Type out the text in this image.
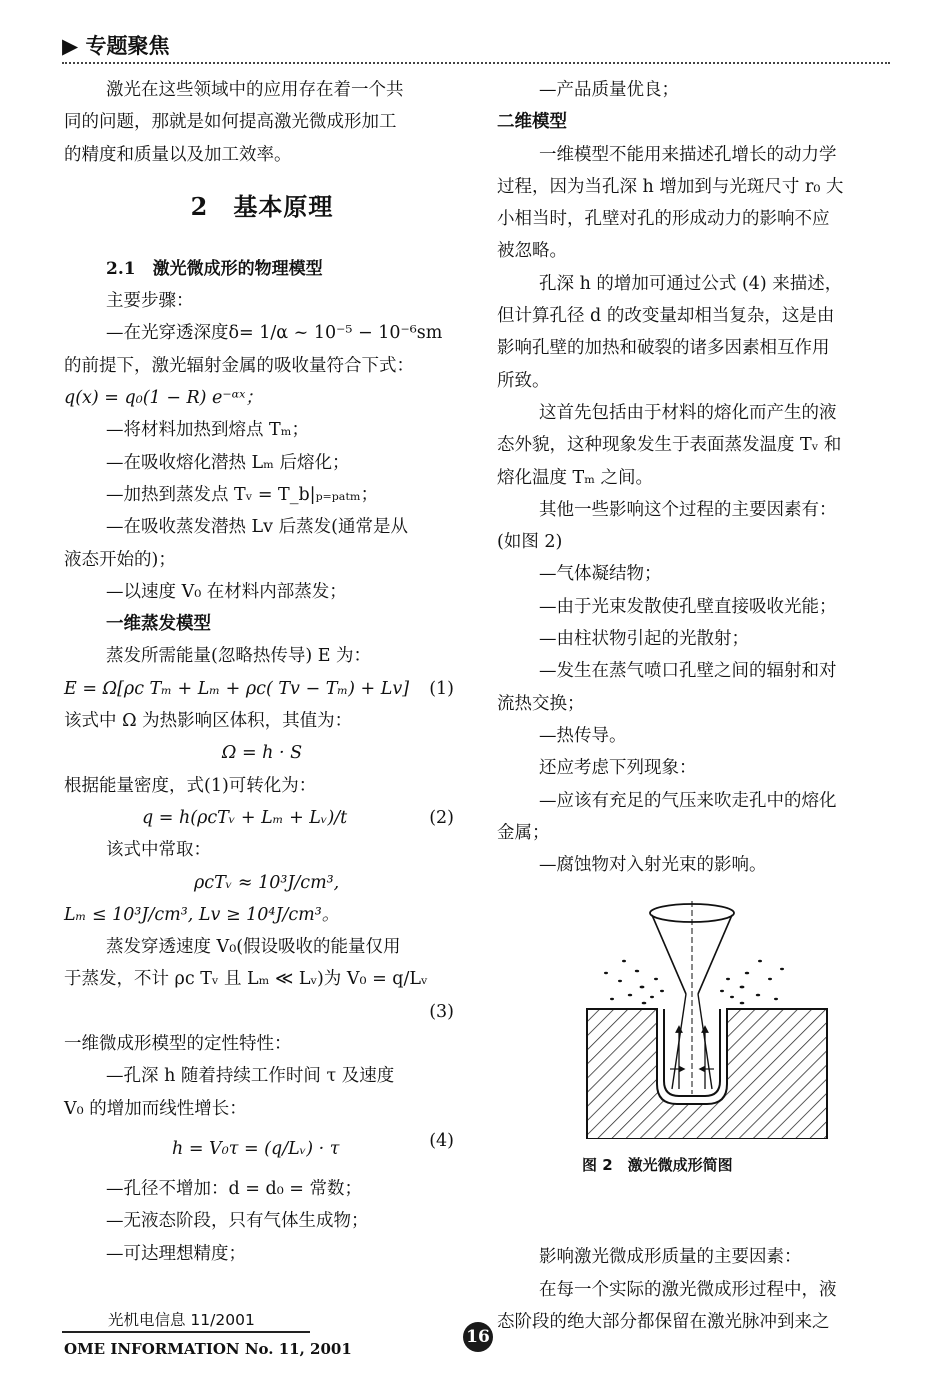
▶ 专题聚焦

激光在这些领域中的应用存在着一个共

同的问题，那就是如何提高激光微成形加工

的精度和质量以及加工效率。

2　基本原理

2.1　激光微成形的物理模型

主要步骤：

—在光穿透深度δ= 1/α ~ 10⁻⁵ − 10⁻⁶sm

的前提下，激光辐射金属的吸收量符合下式：

q(x) = q₀(1 − R) e⁻ᵅˣ；

—将材料加热到熔点 Tₘ；

—在吸收熔化潜热 Lₘ 后熔化；

—加热到蒸发点 Tᵥ = T_b|ₚ₌ₚₐₜₘ；

—在吸收蒸发潜热 Lv 后蒸发(通常是从

液态开始的)；

—以速度 V₀ 在材料内部蒸发；

一维蒸发模型

蒸发所需能量(忽略热传导) E 为：

E = Ω[ρc Tₘ + Lₘ + ρc( Tv − Tₘ) + Lv] (1)

该式中 Ω 为热影响区体积，其值为：

Ω = h · S

根据能量密度，式(1)可转化为：

q = h(ρcTᵥ + Lₘ + Lᵥ)/t	(2)

该式中常取：

ρcTᵥ ≈ 10³J/cm³,

Lₘ ≤ 10³J/cm³, Lv ≥ 10⁴J/cm³。

蒸发穿透速度 V₀(假设吸收的能量仅用

于蒸发，不计 ρc Tᵥ 且 Lₘ ≪ Lᵥ)为 V₀ = q/Lᵥ

(3)

一维微成形模型的定性特性：

—孔深 h 随着持续工作时间 τ 及速度

V₀ 的增加而线性增长：

h = V₀τ = (q/Lᵥ) · τ	(4)

—孔径不增加：d = d₀ = 常数；

—无液态阶段，只有气体生成物；

—可达理想精度；

—产品质量优良；

二维模型

一维模型不能用来描述孔增长的动力学

过程，因为当孔深 h 增加到与光斑尺寸 r₀ 大

小相当时，孔壁对孔的形成动力的影响不应

被忽略。

孔深 h 的增加可通过公式 (4) 来描述，

但计算孔径 d 的改变量却相当复杂，这是由

影响孔壁的加热和破裂的诸多因素相互作用

所致。

这首先包括由于材料的熔化而产生的液

态外貌，这种现象发生于表面蒸发温度 Tᵥ 和

熔化温度 Tₘ 之间。

其他一些影响这个过程的主要因素有：

(如图 2)

—气体凝结物；

—由于光束发散使孔壁直接吸收光能；

—由柱状物引起的光散射；

—发生在蒸气喷口孔壁之间的辐射和对

流热交换；

—热传导。

还应考虑下列现象：

—应该有充足的气压来吹走孔中的熔化

金属；

—腐蚀物对入射光束的影响。

图 2　激光微成形简图

影响激光微成形质量的主要因素：

在每一个实际的激光微成形过程中，液

态阶段的绝大部分都保留在激光脉冲到来之

光机电信息 11/2001
OME INFORMATION No. 11, 2001
16
